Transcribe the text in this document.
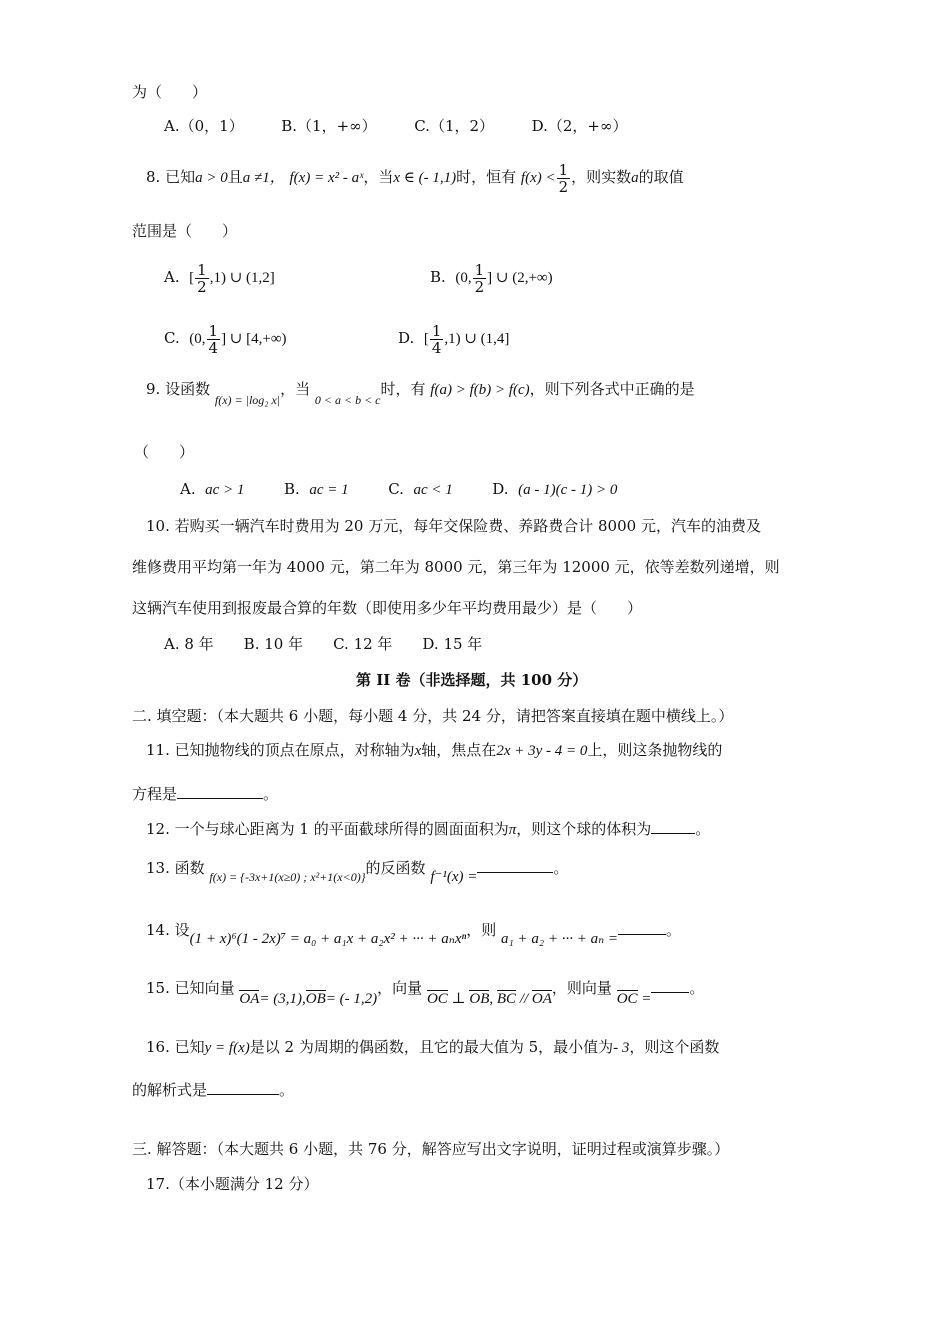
为（　　）
A.（0，1）	B.（1，+∞）	C.（1，2）	D.（2，+∞）
8. 已知a > 0且a ≠1， f(x) = x² - aˣ，当x ∈ (- 1,1)时，恒有 $f(x) < \frac{1}{2}$ ，则实数a的取值
范围是（　　）
A. [ $\frac{1}{2} ,1$) ∪ (1,2]	B. (0, $\frac{1}{2}$ ] ∪ (2,+∞)
C. (0, $\frac{1}{4}$ ] ∪ [4,+∞)	D. [ $\frac{1}{4} ,1$) ∪ (1,4]
9. 设函数 $_{f(x) = |log_2 x|}$，当 $_{0 < a < b < c}$时，有 f(a) > f(b) > f(c)，则下列各式中正确的是
（　　）
A. ac > 1	B. ac = 1	C. ac < 1	D. (a - 1)(c - 1) > 0
10. 若购买一辆汽车时费用为 20 万元，每年交保险费、养路费合计 8000 元，汽车的油费及
维修费用平均第一年为 4000 元，第二年为 8000 元，第三年为 12000 元，依等差数列递增，则
这辆汽车使用到报废最合算的年数（即使用多少年平均费用最少）是（　　）
A. 8 年　　B. 10 年　　C. 12 年　　D. 15 年
第 II 卷（非选择题，共 100 分）
二. 填空题：（本大题共 6 小题，每小题 4 分，共 24 分，请把答案直接填在题中横线上。）
11. 已知抛物线的顶点在原点，对称轴为x轴，焦点在2x + 3y - 4 = 0上，则这条抛物线的
方程是	。
12. 一个与球心距离为 1 的平面截球所得的圆面面积为π，则这个球的体积为	。
13. 函数 $_{f(x) = \{-3x+1(x\ge 0) ; x^2+1(x<0)\}}$的反函数 f⁻¹(x) =	。
14. 设(1 + x)⁶(1 - 2x)⁷ = a₀ + a₁x + a₂x² + ··· + aₙxⁿ，则 a₁ + a₂ + ··· + aₙ =	。
15. 已知向量 OA= (3,1),OB= (- 1,2)，向量 OC ⊥ OB, BC // OA，则向量 OC =。
16. 已知y = f(x)是以 2 为周期的偶函数，且它的最大值为 5，最小值为- 3，则这个函数
的解析式是	。
三. 解答题：（本大题共 6 小题，共 76 分，解答应写出文字说明，证明过程或演算步骤。）
17.（本小题满分 12 分）
